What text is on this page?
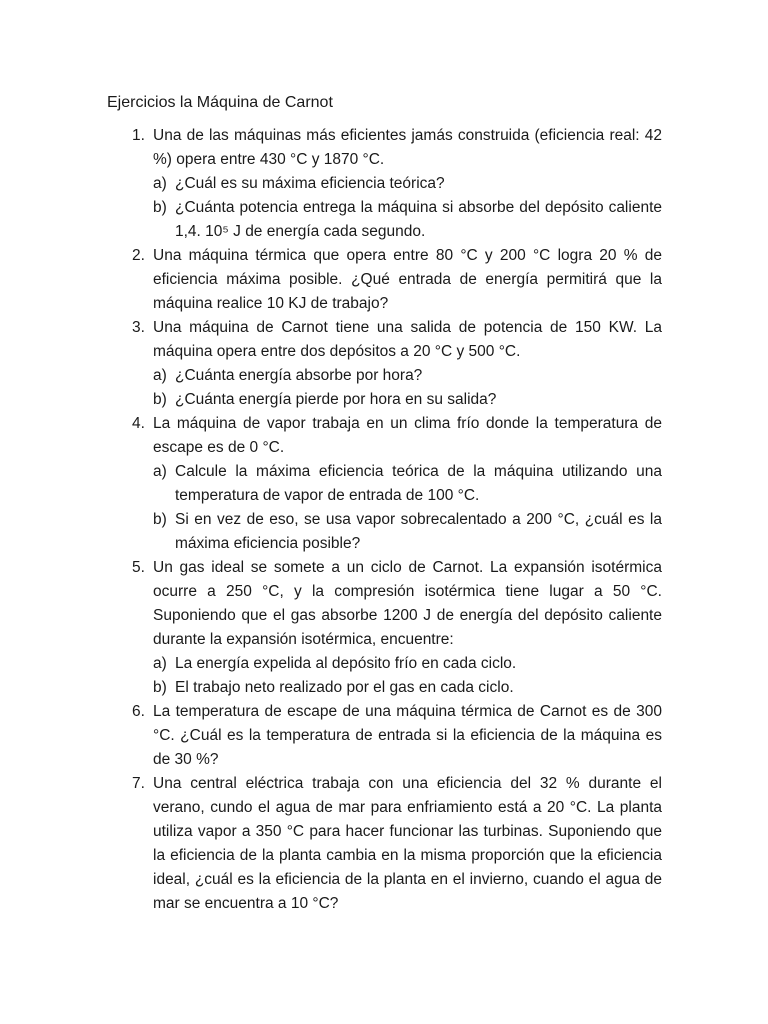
Ejercicios la Máquina de Carnot
1. Una de las máquinas más eficientes jamás construida (eficiencia real: 42 %) opera entre 430 °C y 1870 °C.
a) ¿Cuál es su máxima eficiencia teórica?
b) ¿Cuánta potencia entrega la máquina si absorbe del depósito caliente 1,4. 10⁵ J de energía cada segundo.
2. Una máquina térmica que opera entre 80 °C y 200 °C logra 20 % de eficiencia máxima posible. ¿Qué entrada de energía permitirá que la máquina realice 10 KJ de trabajo?
3. Una máquina de Carnot tiene una salida de potencia de 150 KW. La máquina opera entre dos depósitos a 20 °C y 500 °C.
a) ¿Cuánta energía absorbe por hora?
b) ¿Cuánta energía pierde por hora en su salida?
4. La máquina de vapor trabaja en un clima frío donde la temperatura de escape es de 0 °C.
a) Calcule la máxima eficiencia teórica de la máquina utilizando una temperatura de vapor de entrada de 100 °C.
b) Si en vez de eso, se usa vapor sobrecalentado a 200 °C, ¿cuál es la máxima eficiencia posible?
5. Un gas ideal se somete a un ciclo de Carnot. La expansión isotérmica ocurre a 250 °C, y la compresión isotérmica tiene lugar a 50 °C. Suponiendo que el gas absorbe 1200 J de energía del depósito caliente durante la expansión isotérmica, encuentre:
a) La energía expelida al depósito frío en cada ciclo.
b) El trabajo neto realizado por el gas en cada ciclo.
6. La temperatura de escape de una máquina térmica de Carnot es de 300 °C. ¿Cuál es la temperatura de entrada si la eficiencia de la máquina es de 30 %?
7. Una central eléctrica trabaja con una eficiencia del 32 % durante el verano, cundo el agua de mar para enfriamiento está a 20 °C. La planta utiliza vapor a 350 °C para hacer funcionar las turbinas. Suponiendo que la eficiencia de la planta cambia en la misma proporción que la eficiencia ideal, ¿cuál es la eficiencia de la planta en el invierno, cuando el agua de mar se encuentra a 10 °C?
